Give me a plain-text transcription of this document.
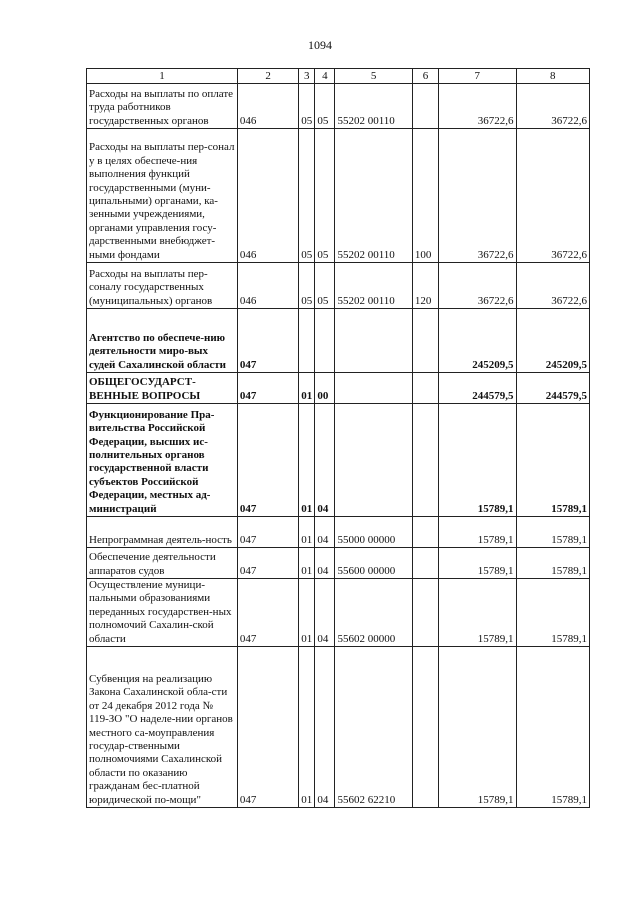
1094
1	2	3	4	5	6	7	8
Расходы на выплаты по оплате труда работников государственных органов	046	05	05	55202 00110		36722,6	36722,6
Расходы на выплаты пер-сонал у в целях обеспече-ния выполнения функций государственными (муни-ципальными) органами, ка-зенными учреждениями, органами управления госу-дарственными внебюджет-ными фондами	046	05	05	55202 00110	100	36722,6	36722,6
Расходы на выплаты пер-соналу государственных (муниципальных) органов	046	05	05	55202 00110	120	36722,6	36722,6
Агентство по обеспече-нию деятельности миро-вых судей Сахалинской области	047					245209,5	245209,5
ОБЩЕГОСУДАРСТ-ВЕННЫЕ ВОПРОСЫ	047	01	00			244579,5	244579,5
Функционирование Пра-вительства Российской Федерации, высших ис-полнительных органов государственной власти субъектов Российской Федерации, местных ад-министраций	047	01	04			15789,1	15789,1
Непрограммная деятель-ность	047	01	04	55000 00000		15789,1	15789,1
Обеспечение деятельности аппаратов судов	047	01	04	55600 00000		15789,1	15789,1
Осуществление муници-пальными образованиями переданных государствен-ных полномочий Сахалин-ской области	047	01	04	55602 00000		15789,1	15789,1
Субвенция на реализацию Закона Сахалинской обла-сти от 24 декабря 2012 года № 119-ЗО "О наделе-нии органов местного са-моуправления государ-ственными полномочиями Сахалинской области по оказанию гражданам бес-платной юридической по-мощи"	047	01	04	55602 62210		15789,1	15789,1
